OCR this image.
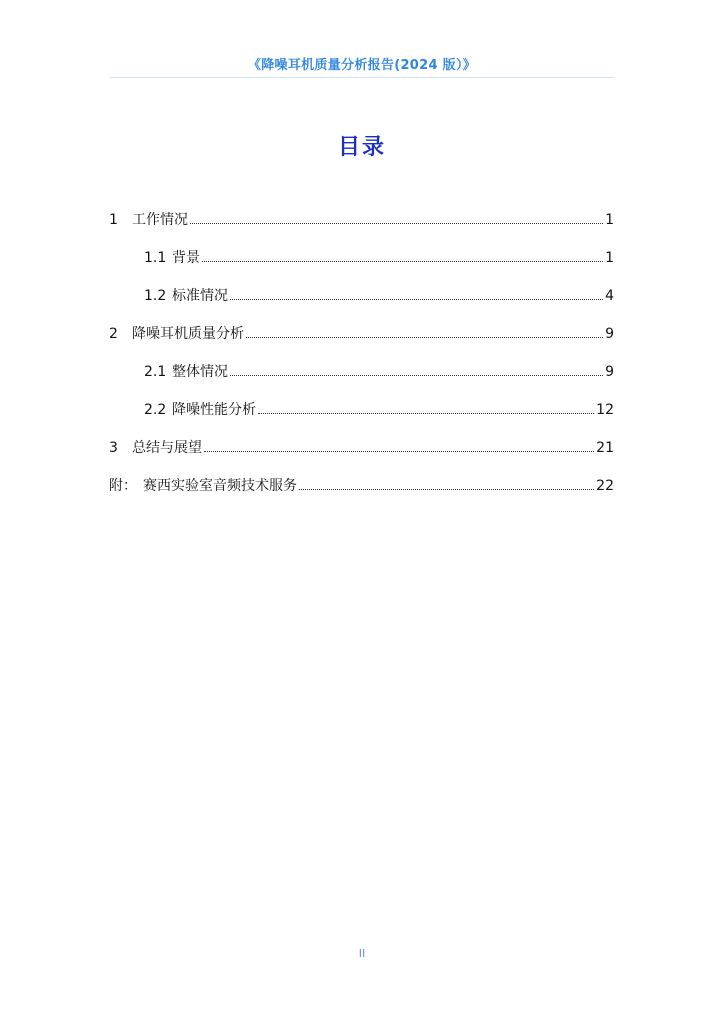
《降噪耳机质量分析报告(2024 版）》
目录
1	工作情况	1
1.1 背景	1
1.2 标准情况	4
2	降噪耳机质量分析	9
2.1 整体情况	9
2.2 降噪性能分析	12
3	总结与展望	21
附： 赛西实验室音频技术服务	22
II
